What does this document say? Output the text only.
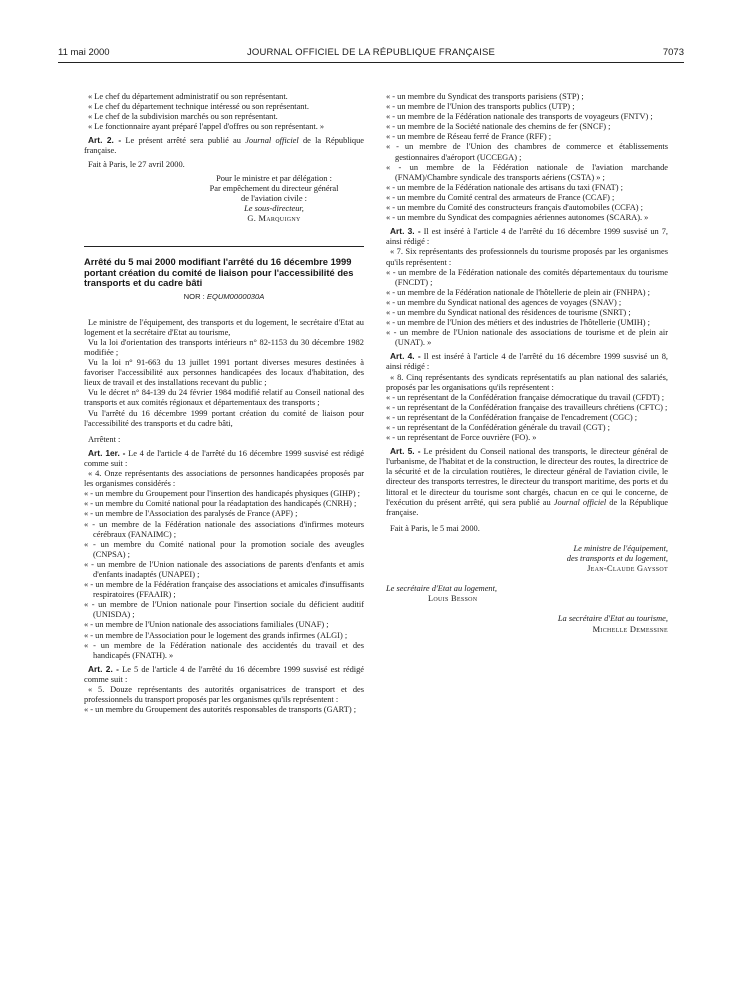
11 mai 2000	JOURNAL OFFICIEL DE LA RÉPUBLIQUE FRANÇAISE	7073

« Le chef du département administratif ou son représentant.

« Le chef du département technique intéressé ou son représentant.

« Le chef de la subdivision marchés ou son représentant.

« Le fonctionnaire ayant préparé l'appel d'offres ou son représentant. »

Art. 2. - Le présent arrêté sera publié au Journal officiel de la République française.

Fait à Paris, le 27 avril 2000.

Pour le ministre et par délégation :

Par empêchement du directeur général

de l'aviation civile :

Le sous-directeur,

G. Marquigny

Arrêté du 5 mai 2000 modifiant l'arrêté du 16 décembre 1999 portant création du comité de liaison pour l'accessibilité des transports et du cadre bâti
NOR : EQUM0000030A

Le ministre de l'équipement, des transports et du logement, le secrétaire d'Etat au logement et la secrétaire d'Etat au tourisme,

Vu la loi d'orientation des transports intérieurs n° 82-1153 du 30 décembre 1982 modifiée ;

Vu la loi n° 91-663 du 13 juillet 1991 portant diverses mesures destinées à favoriser l'accessibilité aux personnes handicapées des locaux d'habitation, des lieux de travail et des installations recevant du public ;

Vu le décret n° 84-139 du 24 février 1984 modifié relatif au Conseil national des transports et aux comités régionaux et départementaux des transports ;

Vu l'arrêté du 16 décembre 1999 portant création du comité de liaison pour l'accessibilité des transports et du cadre bâti,

Arrêtent :

Art. 1er. - Le 4 de l'article 4 de l'arrêté du 16 décembre 1999 susvisé est rédigé comme suit :

« 4. Onze représentants des associations de personnes handicapées proposés par les organismes considérés :

« - un membre du Groupement pour l'insertion des handicapés physiques (GIHP) ;

« - un membre du Comité national pour la réadaptation des handicapés (CNRH) ;

« - un membre de l'Association des paralysés de France (APF) ;

« - un membre de la Fédération nationale des associations d'infirmes moteurs cérébraux (FANAIMC) ;

« - un membre du Comité national pour la promotion sociale des aveugles (CNPSA) ;

« - un membre de l'Union nationale des associations de parents d'enfants et amis d'enfants inadaptés (UNAPEI) ;

« - un membre de la Fédération française des associations et amicales d'insuffisants respiratoires (FFAAIR) ;

« - un membre de l'Union nationale pour l'insertion sociale du déficient auditif (UNISDA) ;

« - un membre de l'Union nationale des associations familiales (UNAF) ;

« - un membre de l'Association pour le logement des grands infirmes (ALGI) ;

« - un membre de la Fédération nationale des accidentés du travail et des handicapés (FNATH). »

Art. 2. - Le 5 de l'article 4 de l'arrêté du 16 décembre 1999 susvisé est rédigé comme suit :

« 5. Douze représentants des autorités organisatrices de transport et des professionnels du transport proposés par les organismes qu'ils représentent :

« - un membre du Groupement des autorités responsables de transports (GART) ;

« - un membre du Syndicat des transports parisiens (STP) ;

« - un membre de l'Union des transports publics (UTP) ;

« - un membre de la Fédération nationale des transports de voyageurs (FNTV) ;

« - un membre de la Société nationale des chemins de fer (SNCF) ;

« - un membre de Réseau ferré de France (RFF) ;

« - un membre de l'Union des chambres de commerce et établissements gestionnaires d'aéroport (UCCEGA) ;

« - un membre de la Fédération nationale de l'aviation marchande (FNAM)/Chambre syndicale des transports aériens (CSTA) » ;

« - un membre de la Fédération nationale des artisans du taxi (FNAT) ;

« - un membre du Comité central des armateurs de France (CCAF) ;

« - un membre du Comité des constructeurs français d'automobiles (CCFA) ;

« - un membre du Syndicat des compagnies aériennes autonomes (SCARA). »

Art. 3. - Il est inséré à l'article 4 de l'arrêté du 16 décembre 1999 susvisé un 7, ainsi rédigé :

« 7. Six représentants des professionnels du tourisme proposés par les organismes qu'ils représentent :

« - un membre de la Fédération nationale des comités départementaux du tourisme (FNCDT) ;

« - un membre de la Fédération nationale de l'hôtellerie de plein air (FNHPA) ;

« - un membre du Syndicat national des agences de voyages (SNAV) ;

« - un membre du Syndicat national des résidences de tourisme (SNRT) ;

« - un membre de l'Union des métiers et des industries de l'hôtellerie (UMIH) ;

« - un membre de l'Union nationale des associations de tourisme et de plein air (UNAT). »

Art. 4. - Il est inséré à l'article 4 de l'arrêté du 16 décembre 1999 susvisé un 8, ainsi rédigé :

« 8. Cinq représentants des syndicats représentatifs au plan national des salariés, proposés par les organisations qu'ils représentent :

« - un représentant de la Confédération française démocratique du travail (CFDT) ;

« - un représentant de la Confédération française des travailleurs chrétiens (CFTC) ;

« - un représentant de la Confédération française de l'encadrement (CGC) ;

« - un représentant de la Confédération générale du travail (CGT) ;

« - un représentant de Force ouvrière (FO). »

Art. 5. - Le président du Conseil national des transports, le directeur général de l'urbanisme, de l'habitat et de la construction, le directeur des routes, la directrice de la sécurité et de la circulation routières, le directeur général de l'aviation civile, le directeur des transports terrestres, le directeur du transport maritime, des ports et du littoral et le directeur du tourisme sont chargés, chacun en ce qui le concerne, de l'exécution du présent arrêté, qui sera publié au Journal officiel de la République française.

Fait à Paris, le 5 mai 2000.

Le ministre de l'équipement,

des transports et du logement,

Jean-Claude Gayssot

Le secrétaire d'Etat au logement,

Louis Besson

La secrétaire d'Etat au tourisme,

Michelle Demessine
